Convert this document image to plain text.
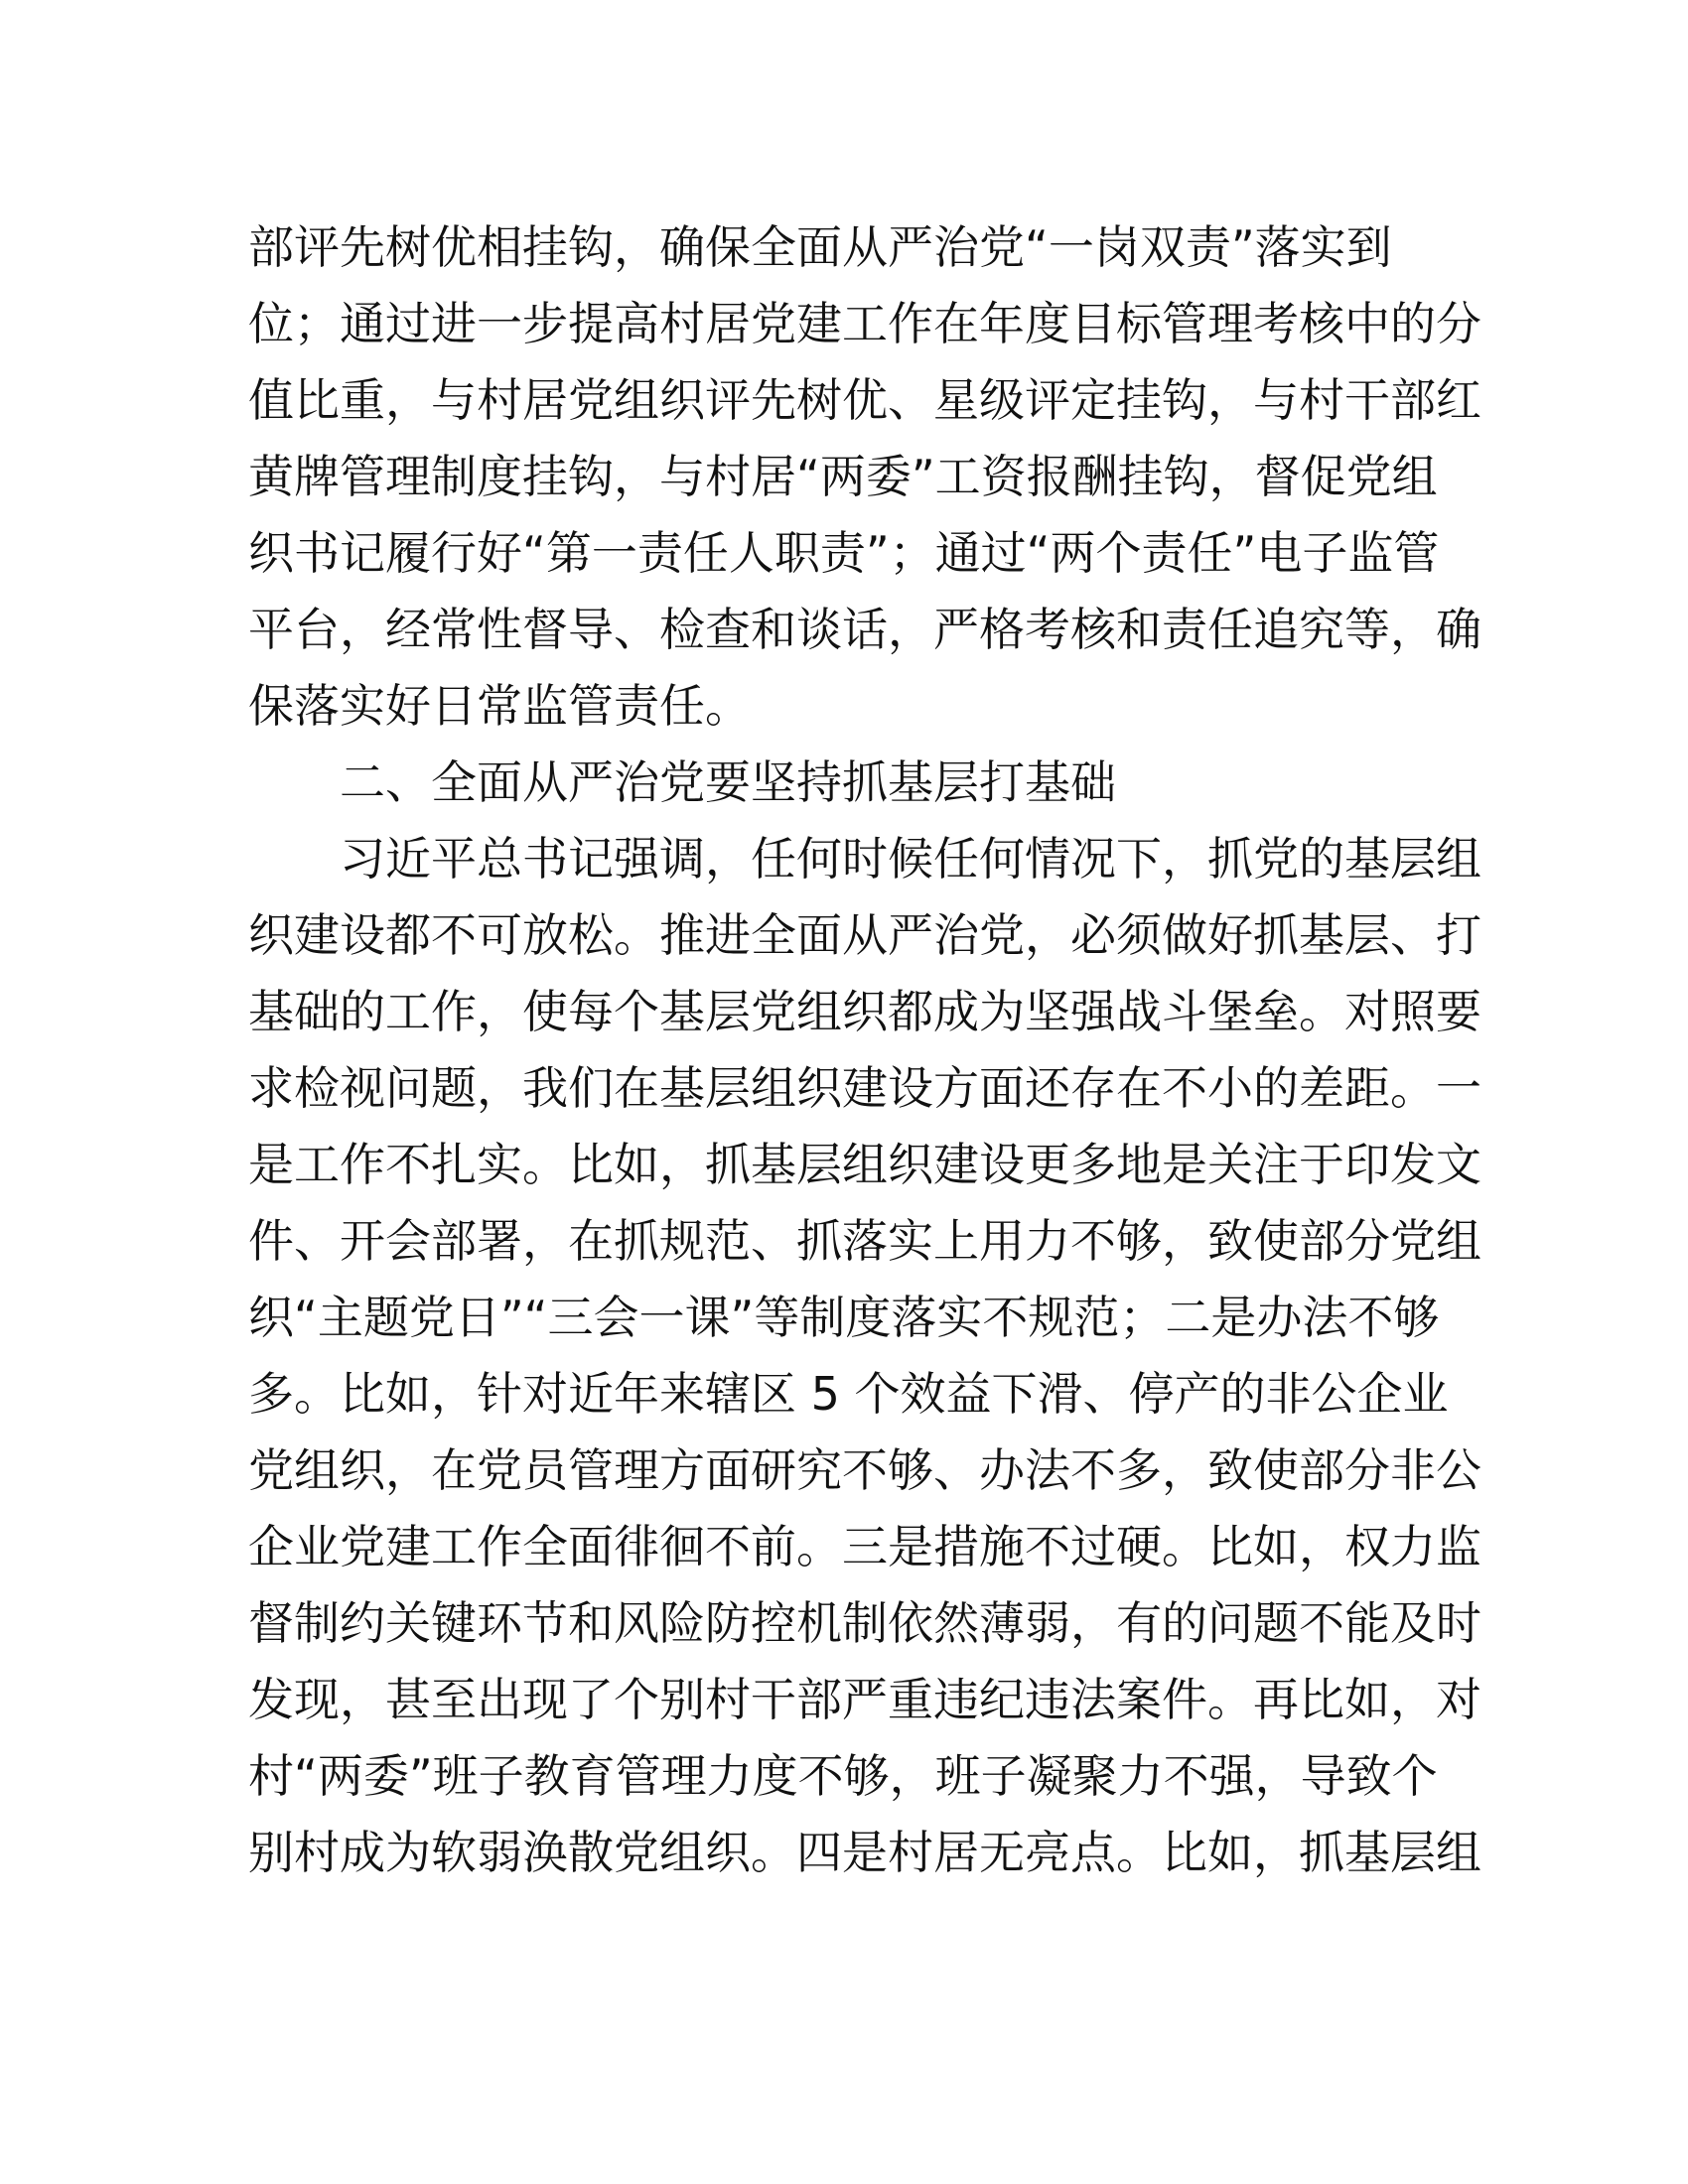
部评先树优相挂钩，确保全面从严治党“一岗双责”落实到
位；通过进一步提高村居党建工作在年度目标管理考核中的分
值比重，与村居党组织评先树优、星级评定挂钩，与村干部红
黄牌管理制度挂钩，与村居“两委”工资报酬挂钩，督促党组
织书记履行好“第一责任人职责”；通过“两个责任”电子监管
平台，经常性督导、检查和谈话，严格考核和责任追究等，确
保落实好日常监管责任。
二、全面从严治党要坚持抓基层打基础
习近平总书记强调，任何时候任何情况下，抓党的基层组
织建设都不可放松。推进全面从严治党，必须做好抓基层、打
基础的工作，使每个基层党组织都成为坚强战斗堡垒。对照要
求检视问题，我们在基层组织建设方面还存在不小的差距。一
是工作不扎实。比如，抓基层组织建设更多地是关注于印发文
件、开会部署，在抓规范、抓落实上用力不够，致使部分党组
织“主题党日”“三会一课”等制度落实不规范；二是办法不够
多。比如，针对近年来辖区 5 个效益下滑、停产的非公企业
党组织，在党员管理方面研究不够、办法不多，致使部分非公
企业党建工作全面徘徊不前。三是措施不过硬。比如，权力监
督制约关键环节和风险防控机制依然薄弱，有的问题不能及时
发现，甚至出现了个别村干部严重违纪违法案件。再比如，对
村“两委”班子教育管理力度不够，班子凝聚力不强，导致个
别村成为软弱涣散党组织。四是村居无亮点。比如，抓基层组
